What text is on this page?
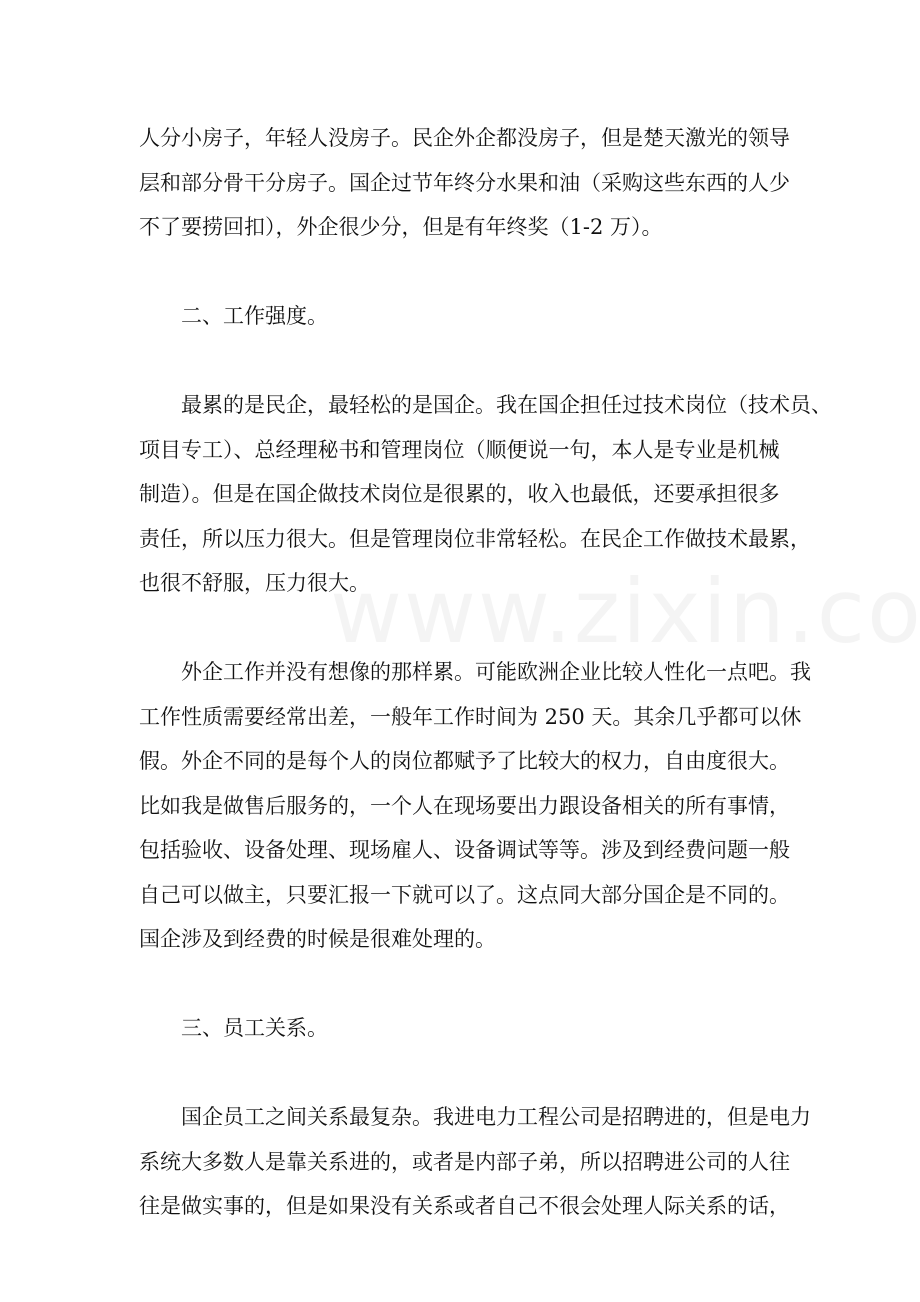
人分小房子，年轻人没房子。民企外企都没房子，但是楚天激光的领导
层和部分骨干分房子。国企过节年终分水果和油（采购这些东西的人少
不了要捞回扣），外企很少分，但是有年终奖（1-2 万）。

　　二、工作强度。

　　最累的是民企，最轻松的是国企。我在国企担任过技术岗位（技术员、
项目专工）、总经理秘书和管理岗位（顺便说一句，本人是专业是机械
制造）。但是在国企做技术岗位是很累的，收入也最低，还要承担很多
责任，所以压力很大。但是管理岗位非常轻松。在民企工作做技术最累，
也很不舒服，压力很大。

　　外企工作并没有想像的那样累。可能欧洲企业比较人性化一点吧。我
工作性质需要经常出差，一般年工作时间为 250 天。其余几乎都可以休
假。外企不同的是每个人的岗位都赋予了比较大的权力，自由度很大。
比如我是做售后服务的，一个人在现场要出力跟设备相关的所有事情，
包括验收、设备处理、现场雇人、设备调试等等。涉及到经费问题一般
自己可以做主，只要汇报一下就可以了。这点同大部分国企是不同的。
国企涉及到经费的时候是很难处理的。

　　三、员工关系。

　　国企员工之间关系最复杂。我进电力工程公司是招聘进的，但是电力
系统大多数人是靠关系进的，或者是内部子弟，所以招聘进公司的人往
往是做实事的，但是如果没有关系或者自己不很会处理人际关系的话，
